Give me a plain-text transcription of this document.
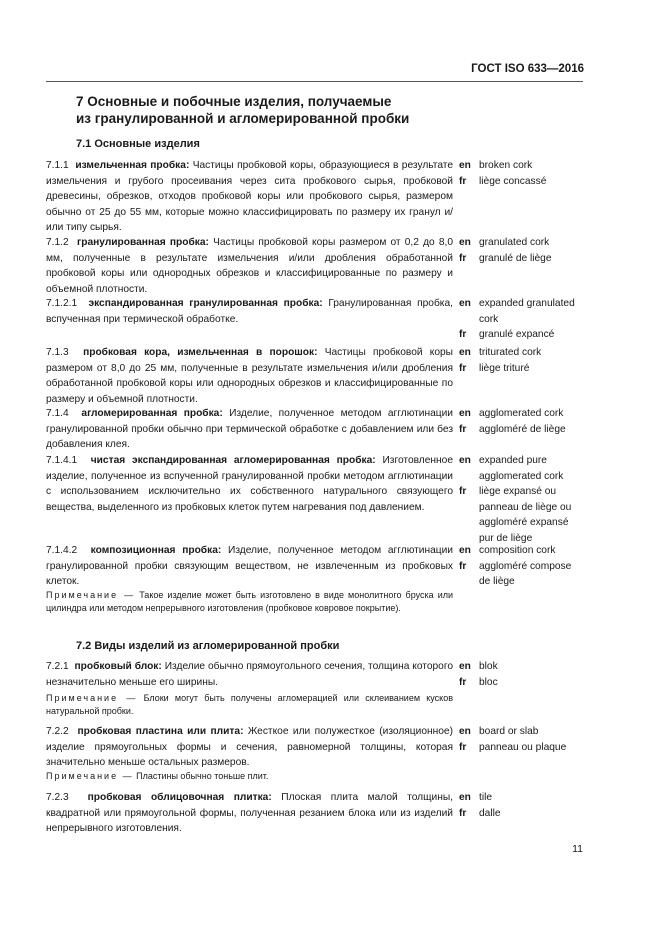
ГОСТ ISO 633—2016
7 Основные и побочные изделия, получаемые
из гранулированной и агломерированной пробки
7.1 Основные изделия
7.1.1 измельченная пробка: Частицы пробковой коры, образующиеся в результате измельчения и грубого просеивания через сита пробкового сырья, пробковой древесины, обрезков, отходов пробковой коры или пробкового сырья, размером обычно от 25 до 55 мм, которые можно классифицировать по размеру их гранул и/или типу сырья.
en broken cork
fr	liège concassé
7.1.2 гранулированная пробка: Частицы пробковой коры размером от 0,2 до 8,0 мм, полученные в результате измельчения и/или дробления обработанной пробковой коры или однородных обрезков и классифицированные по размеру и объемной плотности.
en granulated cork
fr	granulé de liège
7.1.2.1 экспандированная гранулированная пробка: Гранулированная пробка, вспученная при термической обработке.
en expanded granulated cork
fr	granulé expancé
7.1.3 пробковая кора, измельченная в порошок: Частицы пробковой коры размером от 8,0 до 25 мм, полученные в результате измельчения и/или дробления обработанной пробковой коры или однородных обрезков и классифицированные по размеру и объемной плотности.
en triturated cork
fr	liège trituré
7.1.4 агломерированная пробка: Изделие, полученное методом агглютинации гранулированной пробки обычно при термической обработке с добавлением или без добавления клея.
en agglomerated cork
fr	aggloméré de liège
7.1.4.1 чистая экспандированная агломерированная пробка: Изготовленное изделие, полученное из вспученной гранулированной пробки методом агглютинации с использованием исключительно их собственного натурального связующего вещества, выделенного из пробковых клеток путем нагревания под давлением.
en expanded pure agglomerated cork
fr	liège expansé ou panneau de liège ou aggloméré expansé pur de liège
7.1.4.2 композиционная пробка: Изделие, полученное методом агглютинации гранулированной пробки связующим веществом, не извлеченным из пробковых клеток.
en composition cork
fr	aggloméré compose de liège
Примечание — Такое изделие может быть изготовлено в виде монолитного бруска или цилиндра или методом непрерывного изготовления (пробковое ковровое покрытие).
7.2 Виды изделий из агломерированной пробки
7.2.1 пробковый блок: Изделие обычно прямоугольного сечения, толщина которого незначительно меньше его ширины.
en blok
fr	bloc
Примечание — Блоки могут быть получены агломерацией или склеиванием кусков натуральной пробки.
7.2.2 пробковая пластина или плита: Жесткое или полужесткое (изоляционное) изделие прямоугольных формы и сечения, равномерной толщины, которая значительно меньше остальных размеров.
en board or slab
fr	panneau ou plaque
Примечание — Пластины обычно тоньше плит.
7.2.3 пробковая облицовочная плитка: Плоская плита малой толщины, квадратной или прямоугольной формы, полученная резанием блока или из изделий непрерывного изготовления.
en tile
fr	dalle
11
